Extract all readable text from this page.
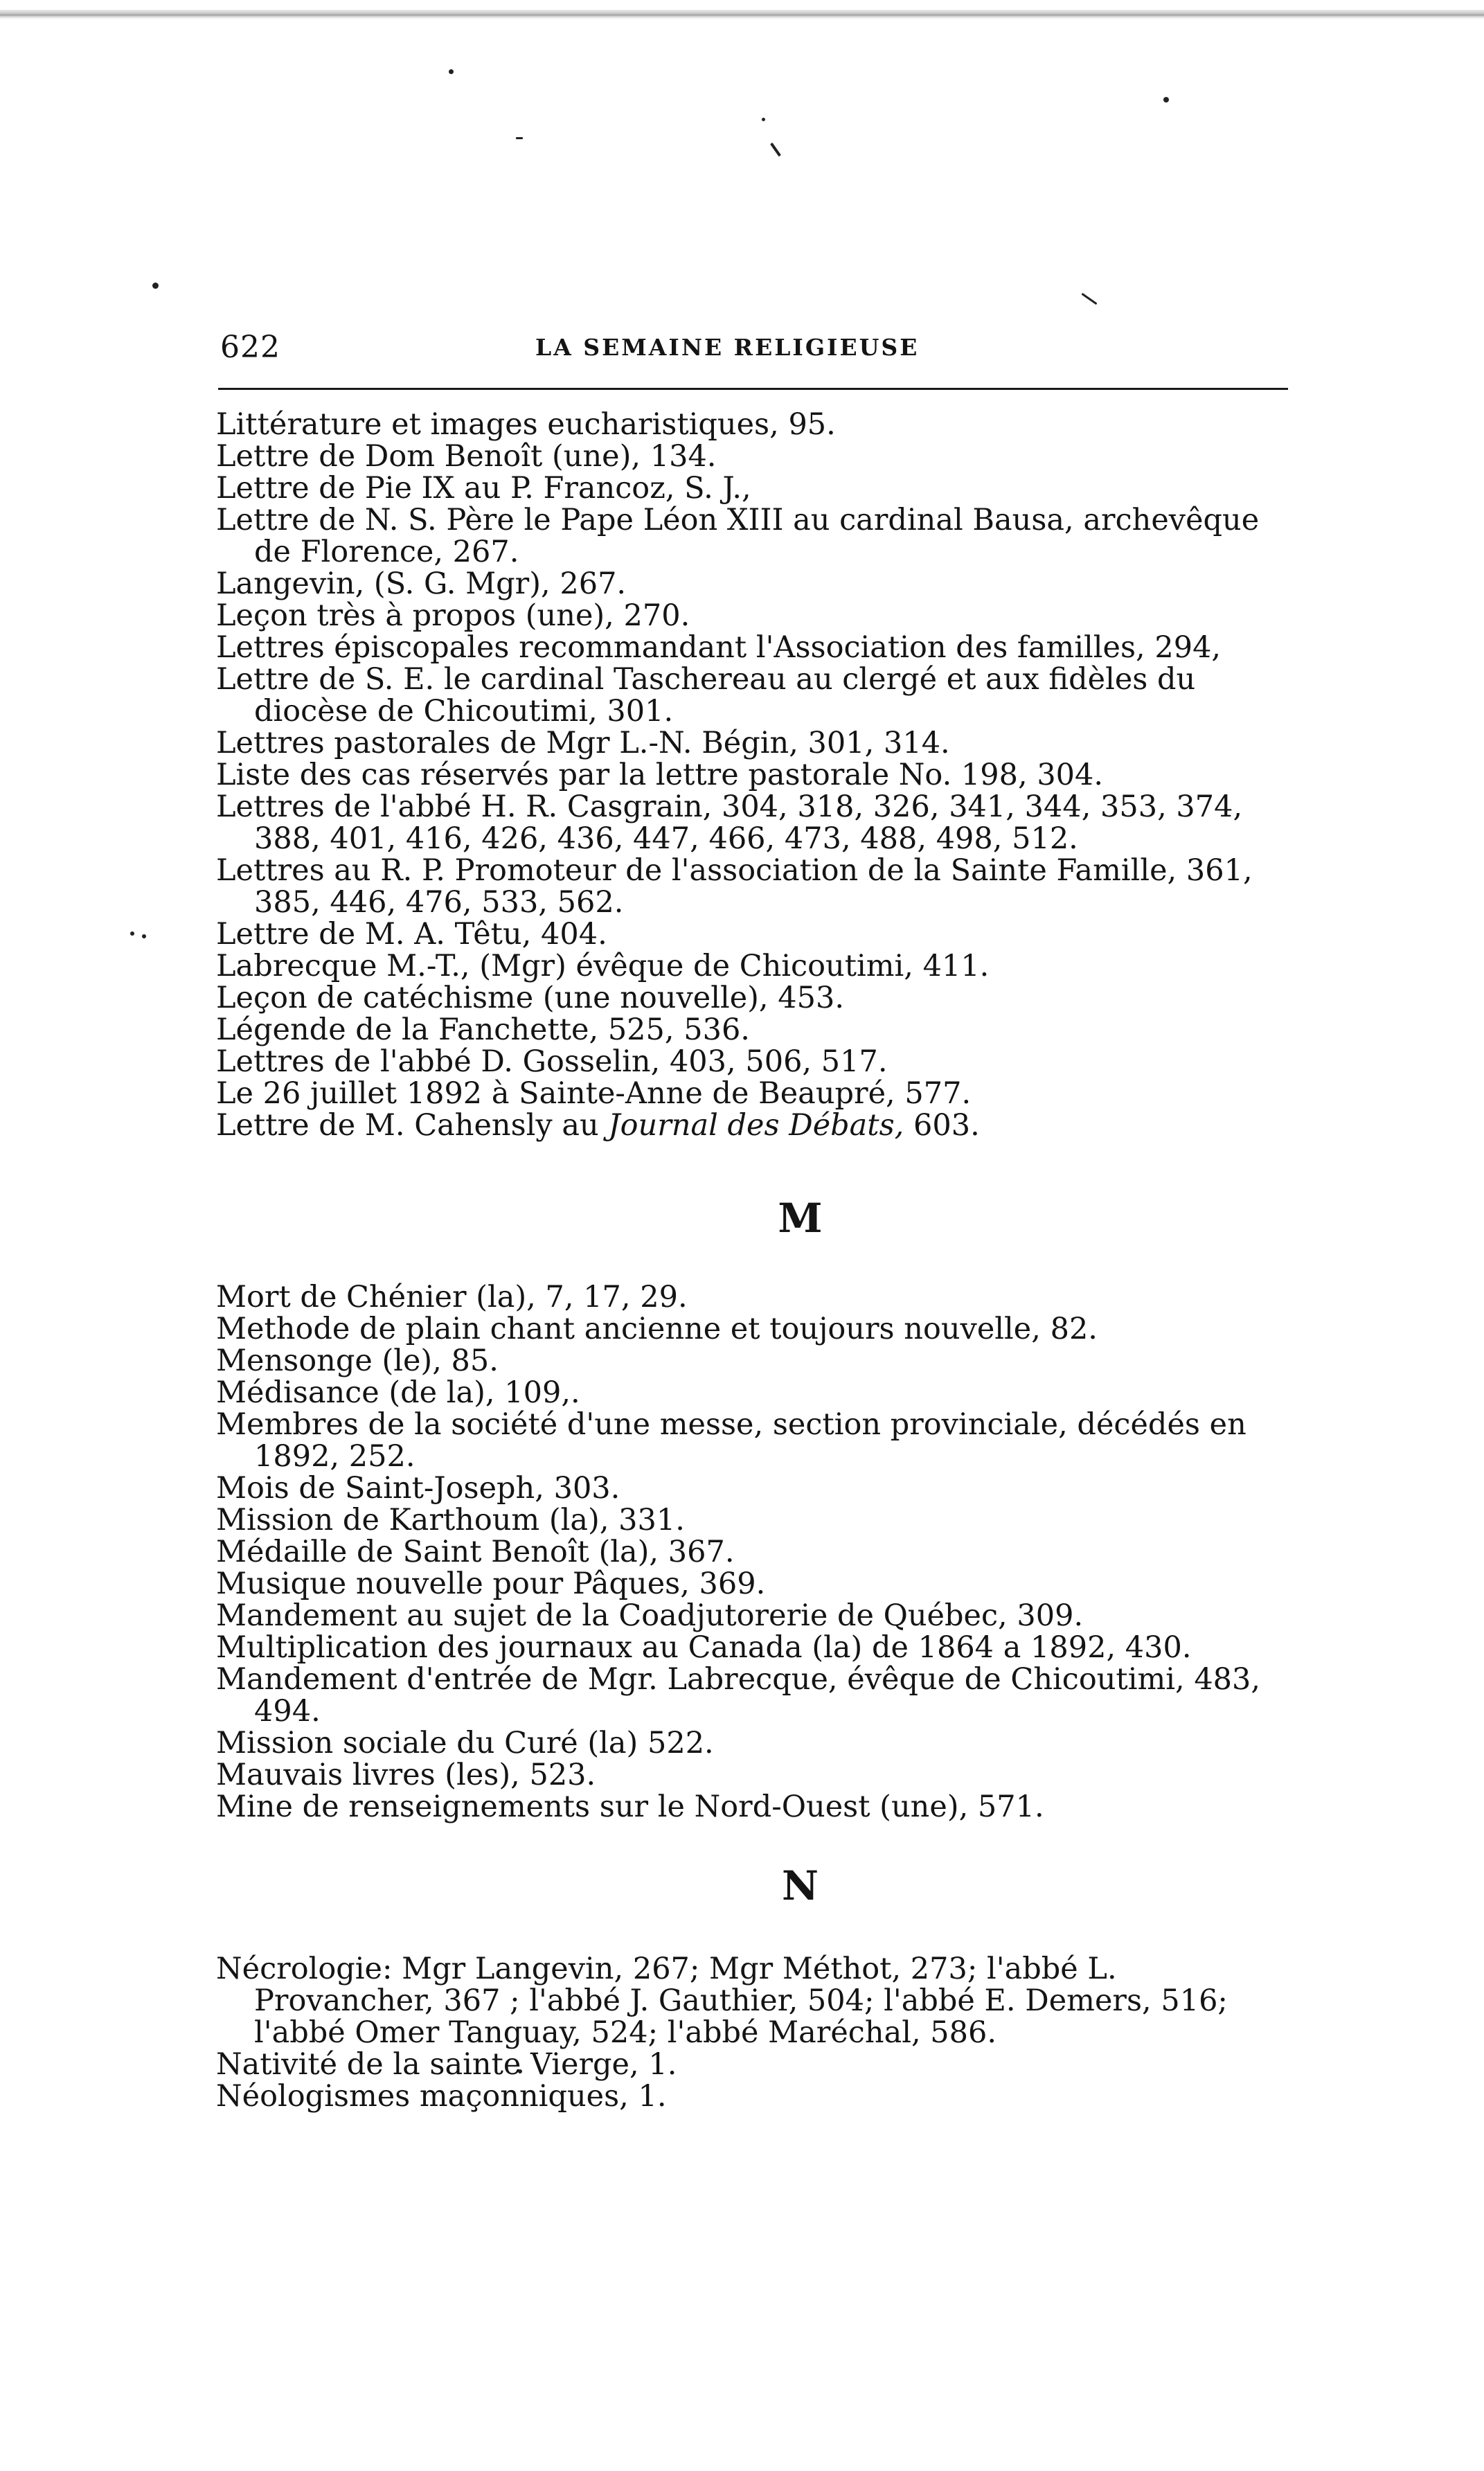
622	LA SEMAINE RELIGIEUSE
Littérature et images eucharistiques, 95.
Lettre de Dom Benoît (une), 134.
Lettre de Pie IX au P. Francoz, S. J.,
Lettre de N. S. Père le Pape Léon XIII au cardinal Bausa, archevêque de Florence, 267.
Langevin, (S. G. Mgr), 267.
Leçon très à propos (une), 270.
Lettres épiscopales recommandant l'Association des familles, 294,
Lettre de S. E. le cardinal Taschereau au clergé et aux fidèles du diocèse de Chicoutimi, 301.
Lettres pastorales de Mgr L.-N. Bégin, 301, 314.
Liste des cas réservés par la lettre pastorale No. 198, 304.
Lettres de l'abbé H. R. Casgrain, 304, 318, 326, 341, 344, 353, 374, 388, 401, 416, 426, 436, 447, 466, 473, 488, 498, 512.
Lettres au R. P. Promoteur de l'association de la Sainte Famille, 361, 385, 446, 476, 533, 562.
Lettre de M. A. Têtu, 404.
Labrecque M.-T., (Mgr) évêque de Chicoutimi, 411.
Leçon de catéchisme (une nouvelle), 453.
Légende de la Fanchette, 525, 536.
Lettres de l'abbé D. Gosselin, 403, 506, 517.
Le 26 juillet 1892 à Sainte-Anne de Beaupré, 577.
Lettre de M. Cahensly au Journal des Débats, 603.
M
Mort de Chénier (la), 7, 17, 29.
Methode de plain chant ancienne et toujours nouvelle, 82.
Mensonge (le), 85.
Médisance (de la), 109,.
Membres de la société d'une messe, section provinciale, décédés en 1892, 252.
Mois de Saint-Joseph, 303.
Mission de Karthoum (la), 331.
Médaille de Saint Benoît (la), 367.
Musique nouvelle pour Pâques, 369.
Mandement au sujet de la Coadjutorerie de Québec, 309.
Multiplication des journaux au Canada (la) de 1864 a 1892, 430.
Mandement d'entrée de Mgr. Labrecque, évêque de Chicoutimi, 483, 494.
Mission sociale du Curé (la) 522.
Mauvais livres (les), 523.
Mine de renseignements sur le Nord-Ouest (une), 571.
N
Nécrologie: Mgr Langevin, 267; Mgr Méthot, 273; l'abbé L. Provancher, 367 ; l'abbé J. Gauthier, 504; l'abbé E. Demers, 516; l'abbé Omer Tanguay, 524; l'abbé Maréchal, 586.
Nativité de la sainte Vierge, 1.
Néologismes maçonniques, 1.
